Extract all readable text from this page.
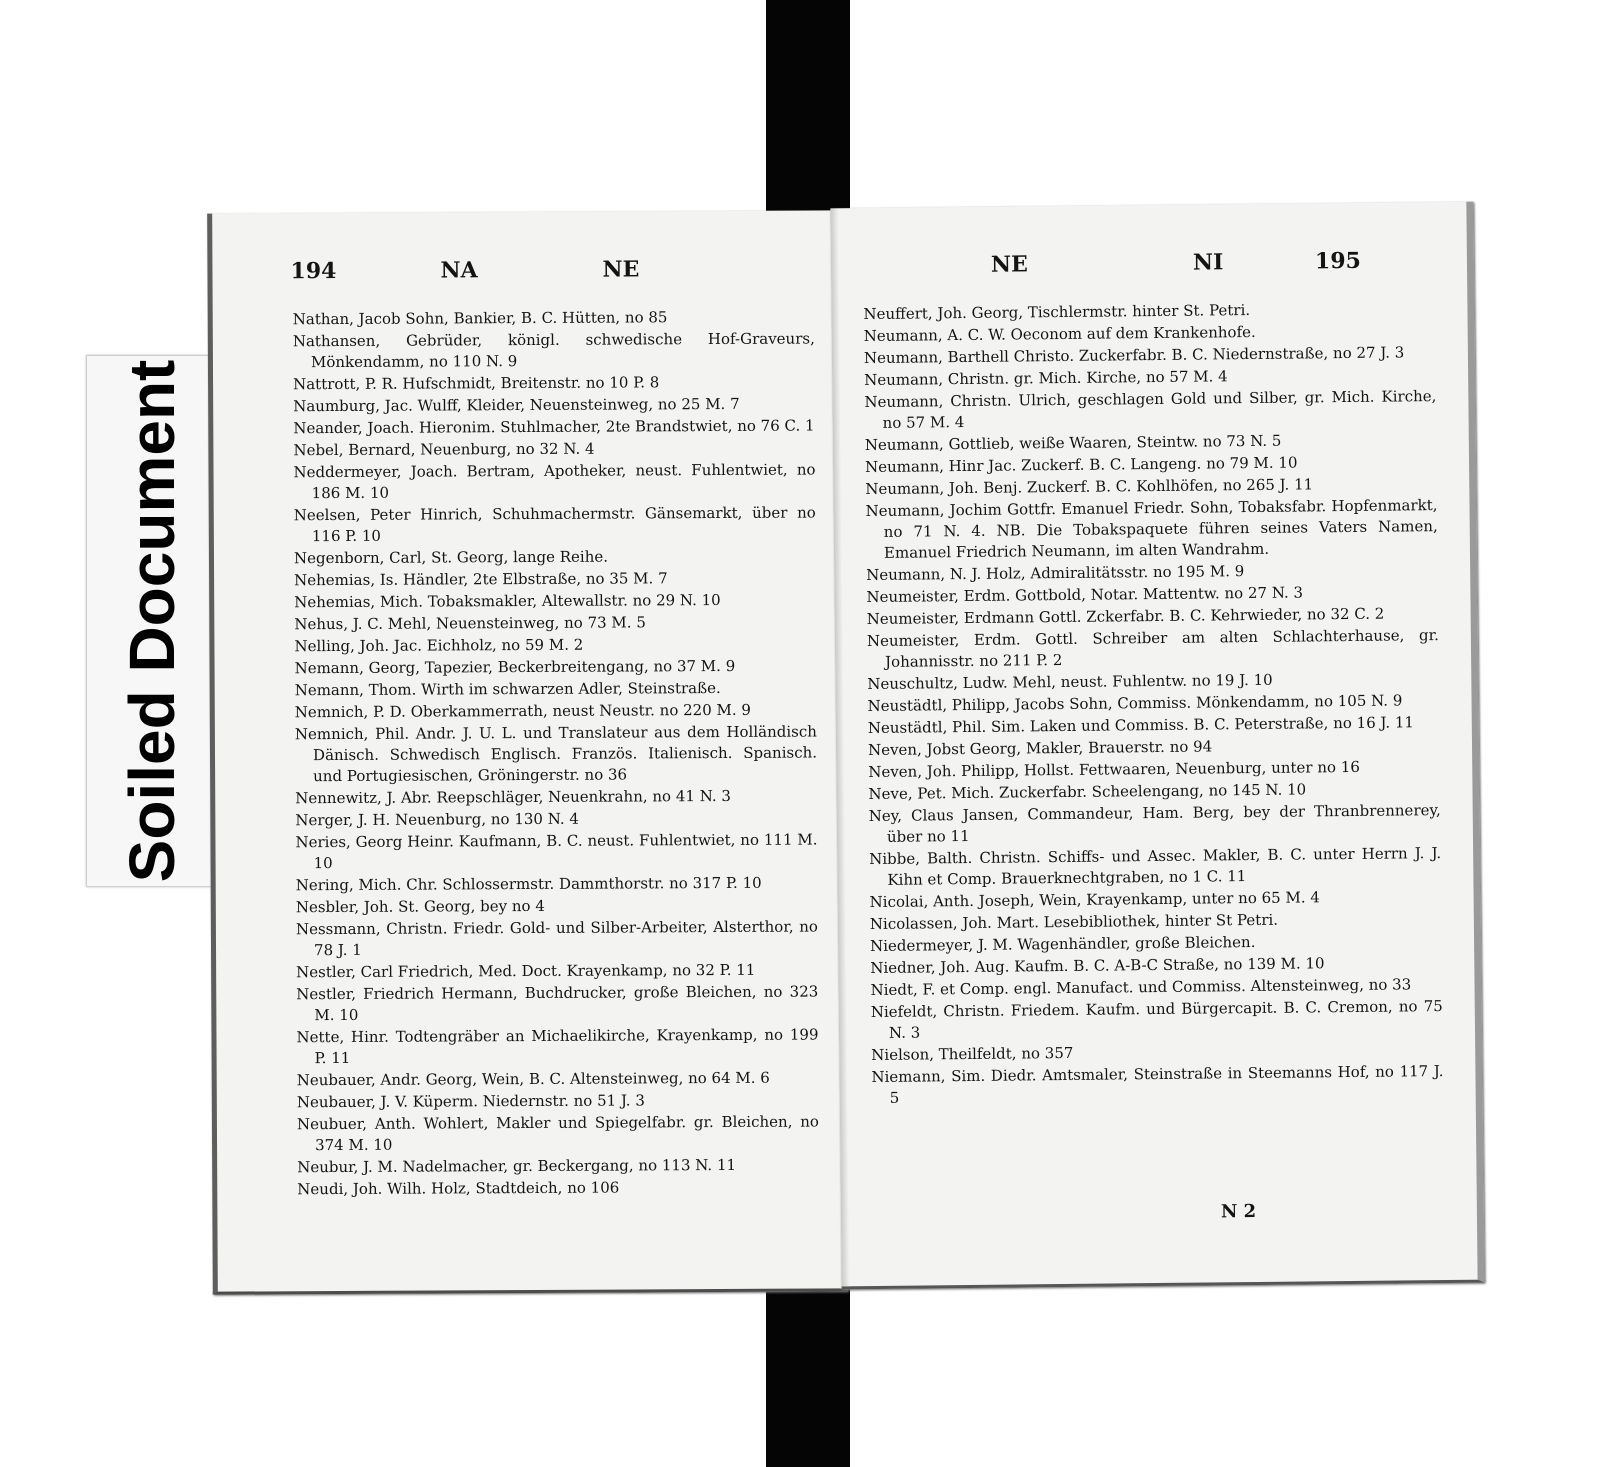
Soiled Document
194	NA	NE
Nathan, Jacob Sohn, Bankier, B. C. Hütten, no 85
Nathansen, Gebrüder, königl. schwedische Hof-Graveurs, Mönkendamm, no 110 N. 9
Nattrott, P. R. Hufschmidt, Breitenstr. no 10 P. 8
Naumburg, Jac. Wulff, Kleider, Neuensteinweg, no 25 M. 7
Neander, Joach. Hieronim. Stuhlmacher, 2te Brandstwiet, no 76 C. 1
Nebel, Bernard, Neuenburg, no 32 N. 4
Neddermeyer, Joach. Bertram, Apotheker, neust. Fuhlentwiet, no 186 M. 10
Neelsen, Peter Hinrich, Schuhmachermstr. Gänsemarkt, über no 116 P. 10
Negenborn, Carl, St. Georg, lange Reihe.
Nehemias, Is. Händler, 2te Elbstraße, no 35 M. 7
Nehemias, Mich. Tobaksmakler, Altewallstr. no 29 N. 10
Nehus, J. C. Mehl, Neuensteinweg, no 73 M. 5
Nelling, Joh. Jac. Eichholz, no 59 M. 2
Nemann, Georg, Tapezier, Beckerbreitengang, no 37 M. 9
Nemann, Thom. Wirth im schwarzen Adler, Steinstraße.
Nemnich, P. D. Oberkammerrath, neust Neustr. no 220 M. 9
Nemnich, Phil. Andr. J. U. L. und Translateur aus dem Holländisch Dänisch. Schwedisch Englisch. Französ. Italienisch. Spanisch. und Portugiesischen, Gröningerstr. no 36
Nennewitz, J. Abr. Reepschläger, Neuenkrahn, no 41 N. 3
Nerger, J. H. Neuenburg, no 130 N. 4
Neries, Georg Heinr. Kaufmann, B. C. neust. Fuhlentwiet, no 111 M. 10
Nering, Mich. Chr. Schlossermstr. Dammthorstr. no 317 P. 10
Nesbler, Joh. St. Georg, bey no 4
Nessmann, Christn. Friedr. Gold- und Silber-Arbeiter, Alsterthor, no 78 J. 1
Nestler, Carl Friedrich, Med. Doct. Krayenkamp, no 32 P. 11
Nestler, Friedrich Hermann, Buchdrucker, große Bleichen, no 323 M. 10
Nette, Hinr. Todtengräber an Michaelikirche, Krayenkamp, no 199 P. 11
Neubauer, Andr. Georg, Wein, B. C. Altensteinweg, no 64 M. 6
Neubauer, J. V. Küperm. Niedernstr. no 51 J. 3
Neubuer, Anth. Wohlert, Makler und Spiegelfabr. gr. Bleichen, no 374 M. 10
Neubur, J. M. Nadelmacher, gr. Beckergang, no 113 N. 11
Neudi, Joh. Wilh. Holz, Stadtdeich, no 106
NE	NI	195
Neuffert, Joh. Georg, Tischlermstr. hinter St. Petri.
Neumann, A. C. W. Oeconom auf dem Krankenhofe.
Neumann, Barthell Christo. Zuckerfabr. B. C. Niedernstraße, no 27 J. 3
Neumann, Christn. gr. Mich. Kirche, no 57 M. 4
Neumann, Christn. Ulrich, geschlagen Gold und Silber, gr. Mich. Kirche, no 57 M. 4
Neumann, Gottlieb, weiße Waaren, Steintw. no 73 N. 5
Neumann, Hinr Jac. Zuckerf. B. C. Langeng. no 79 M. 10
Neumann, Joh. Benj. Zuckerf. B. C. Kohlhöfen, no 265 J. 11
Neumann, Jochim Gottfr. Emanuel Friedr. Sohn, Tobaksfabr. Hopfenmarkt, no 71 N. 4. NB. Die Tobakspaquete führen seines Vaters Namen, Emanuel Friedrich Neumann, im alten Wandrahm.
Neumann, N. J. Holz, Admiralitätsstr. no 195 M. 9
Neumeister, Erdm. Gottbold, Notar. Mattentw. no 27 N. 3
Neumeister, Erdmann Gottl. Zckerfabr. B. C. Kehrwieder, no 32 C. 2
Neumeister, Erdm. Gottl. Schreiber am alten Schlachterhause, gr. Johannisstr. no 211 P. 2
Neuschultz, Ludw. Mehl, neust. Fuhlentw. no 19 J. 10
Neustädtl, Philipp, Jacobs Sohn, Commiss. Mönkendamm, no 105 N. 9
Neustädtl, Phil. Sim. Laken und Commiss. B. C. Peterstraße, no 16 J. 11
Neven, Jobst Georg, Makler, Brauerstr. no 94
Neven, Joh. Philipp, Hollst. Fettwaaren, Neuenburg, unter no 16
Neve, Pet. Mich. Zuckerfabr. Scheelengang, no 145 N. 10
Ney, Claus Jansen, Commandeur, Ham. Berg, bey der Thranbrennerey, über no 11
Nibbe, Balth. Christn. Schiffs- und Assec. Makler, B. C. unter Herrn J. J. Kihn et Comp. Brauerknechtgraben, no 1 C. 11
Nicolai, Anth. Joseph, Wein, Krayenkamp, unter no 65 M. 4
Nicolassen, Joh. Mart. Lesebibliothek, hinter St Petri.
Niedermeyer, J. M. Wagenhändler, große Bleichen.
Niedner, Joh. Aug. Kaufm. B. C. A-B-C Straße, no 139 M. 10
Niedt, F. et Comp. engl. Manufact. und Commiss. Altensteinweg, no 33
Niefeldt, Christn. Friedem. Kaufm. und Bürgercapit. B. C. Cremon, no 75 N. 3
Nielson, Theilfeldt, no 357
Niemann, Sim. Diedr. Amtsmaler, Steinstraße in Steemanns Hof, no 117 J. 5
N 2
